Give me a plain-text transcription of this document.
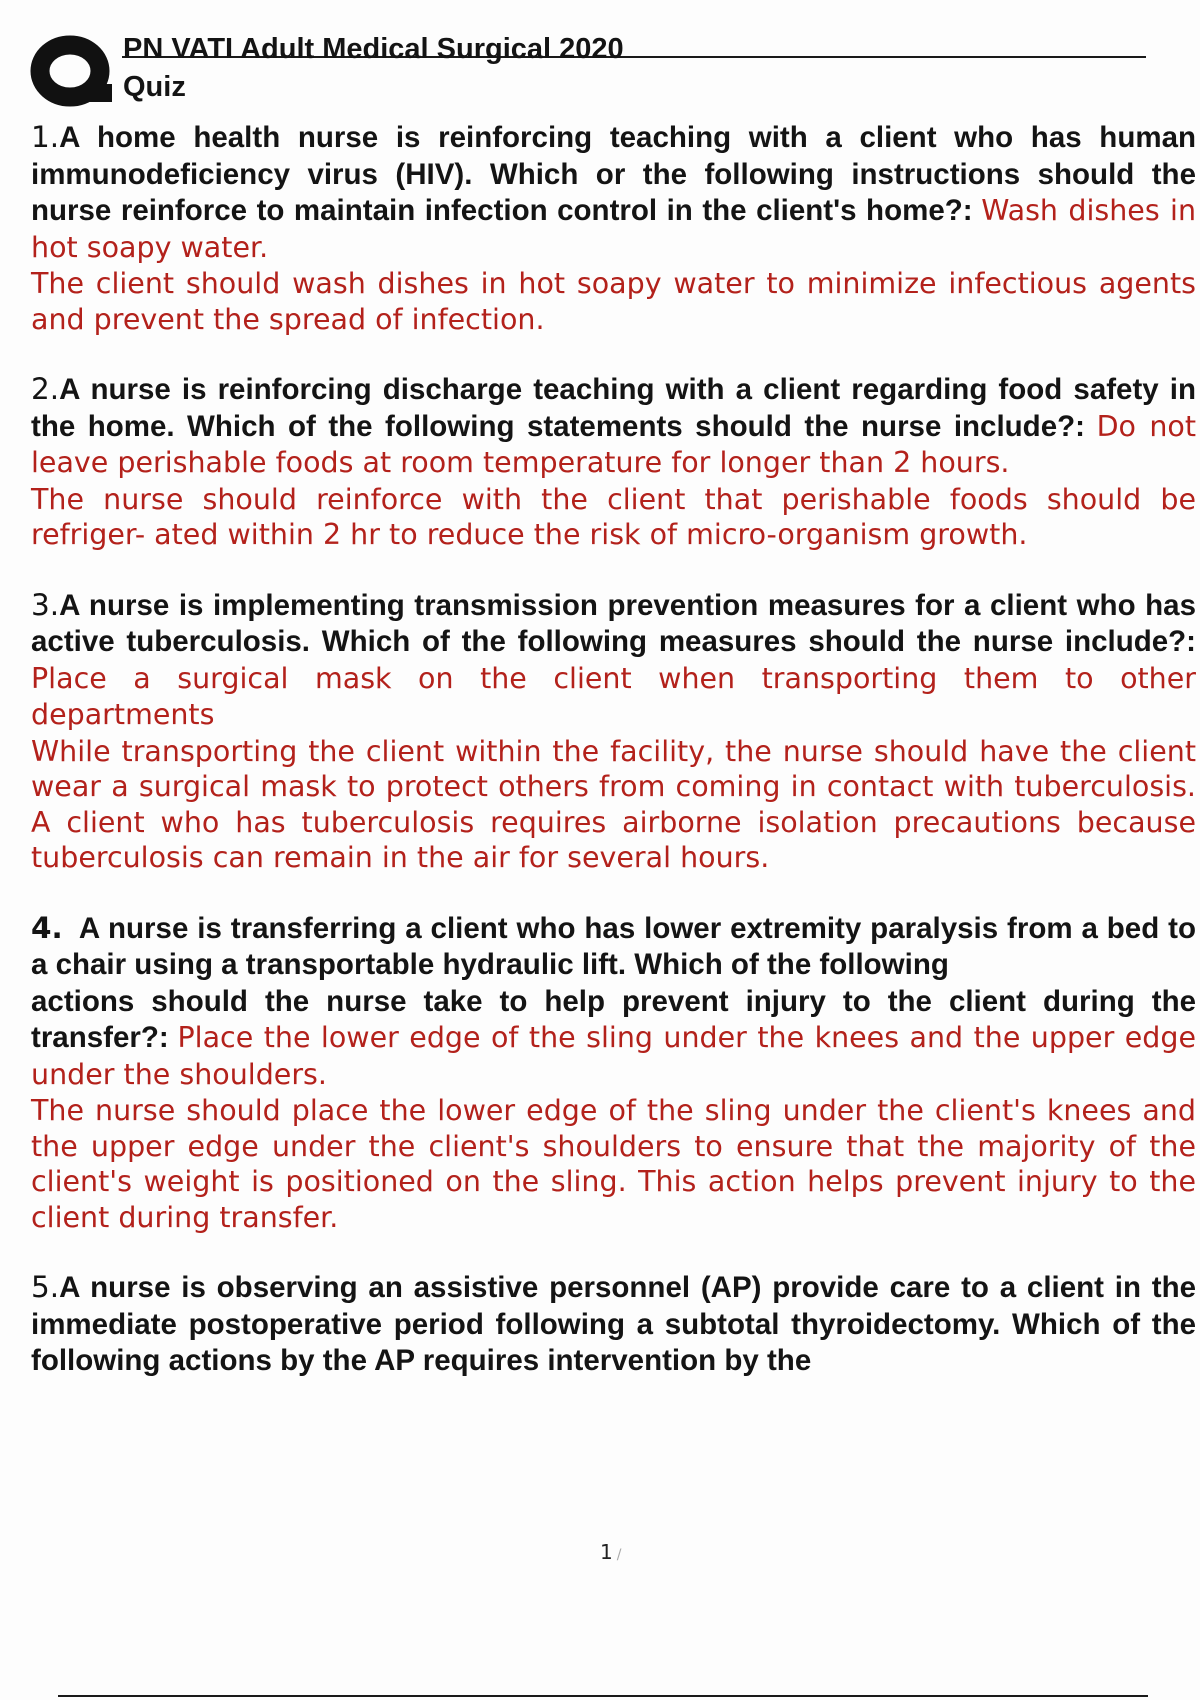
PN VATI Adult Medical Surgical 2020
Quiz
1.A home health nurse is reinforcing teaching with a client who has human immunodeficiency virus (HIV). Which or the following instructions should the nurse reinforce to maintain infection control in the client's home?: Wash dishes in hot soapy water.
The client should wash dishes in hot soapy water to minimize infectious agents and prevent the spread of infection.
2.A nurse is reinforcing discharge teaching with a client regarding food safety in the home. Which of the following statements should the nurse include?: Do not leave perishable foods at room temperature for longer than 2 hours.
The nurse should reinforce with the client that perishable foods should be refriger- ated within 2 hr to reduce the risk of micro-organism growth.
3.A nurse is implementing transmission prevention measures for a client who has active tuberculosis. Which of the following measures should the nurse include?: Place a surgical mask on the client when transporting them to other departments
While transporting the client within the facility, the nurse should have the client wear a surgical mask to protect others from coming in contact with tuberculosis. A client who has tuberculosis requires airborne isolation precautions because tuberculosis can remain in the air for several hours.
4. A nurse is transferring a client who has lower extremity paralysis from a bed to a chair using a transportable hydraulic lift. Which of the following
actions should the nurse take to help prevent injury to the client during the transfer?: Place the lower edge of the sling under the knees and the upper edge under the shoulders.
The nurse should place the lower edge of the sling under the client's knees and the upper edge under the client's shoulders to ensure that the majority of the client's weight is positioned on the sling. This action helps prevent injury to the client during transfer.
5.A nurse is observing an assistive personnel (AP) provide care to a client in the immediate postoperative period following a subtotal thyroidectomy. Which of the following actions by the AP requires intervention by the
1 /
